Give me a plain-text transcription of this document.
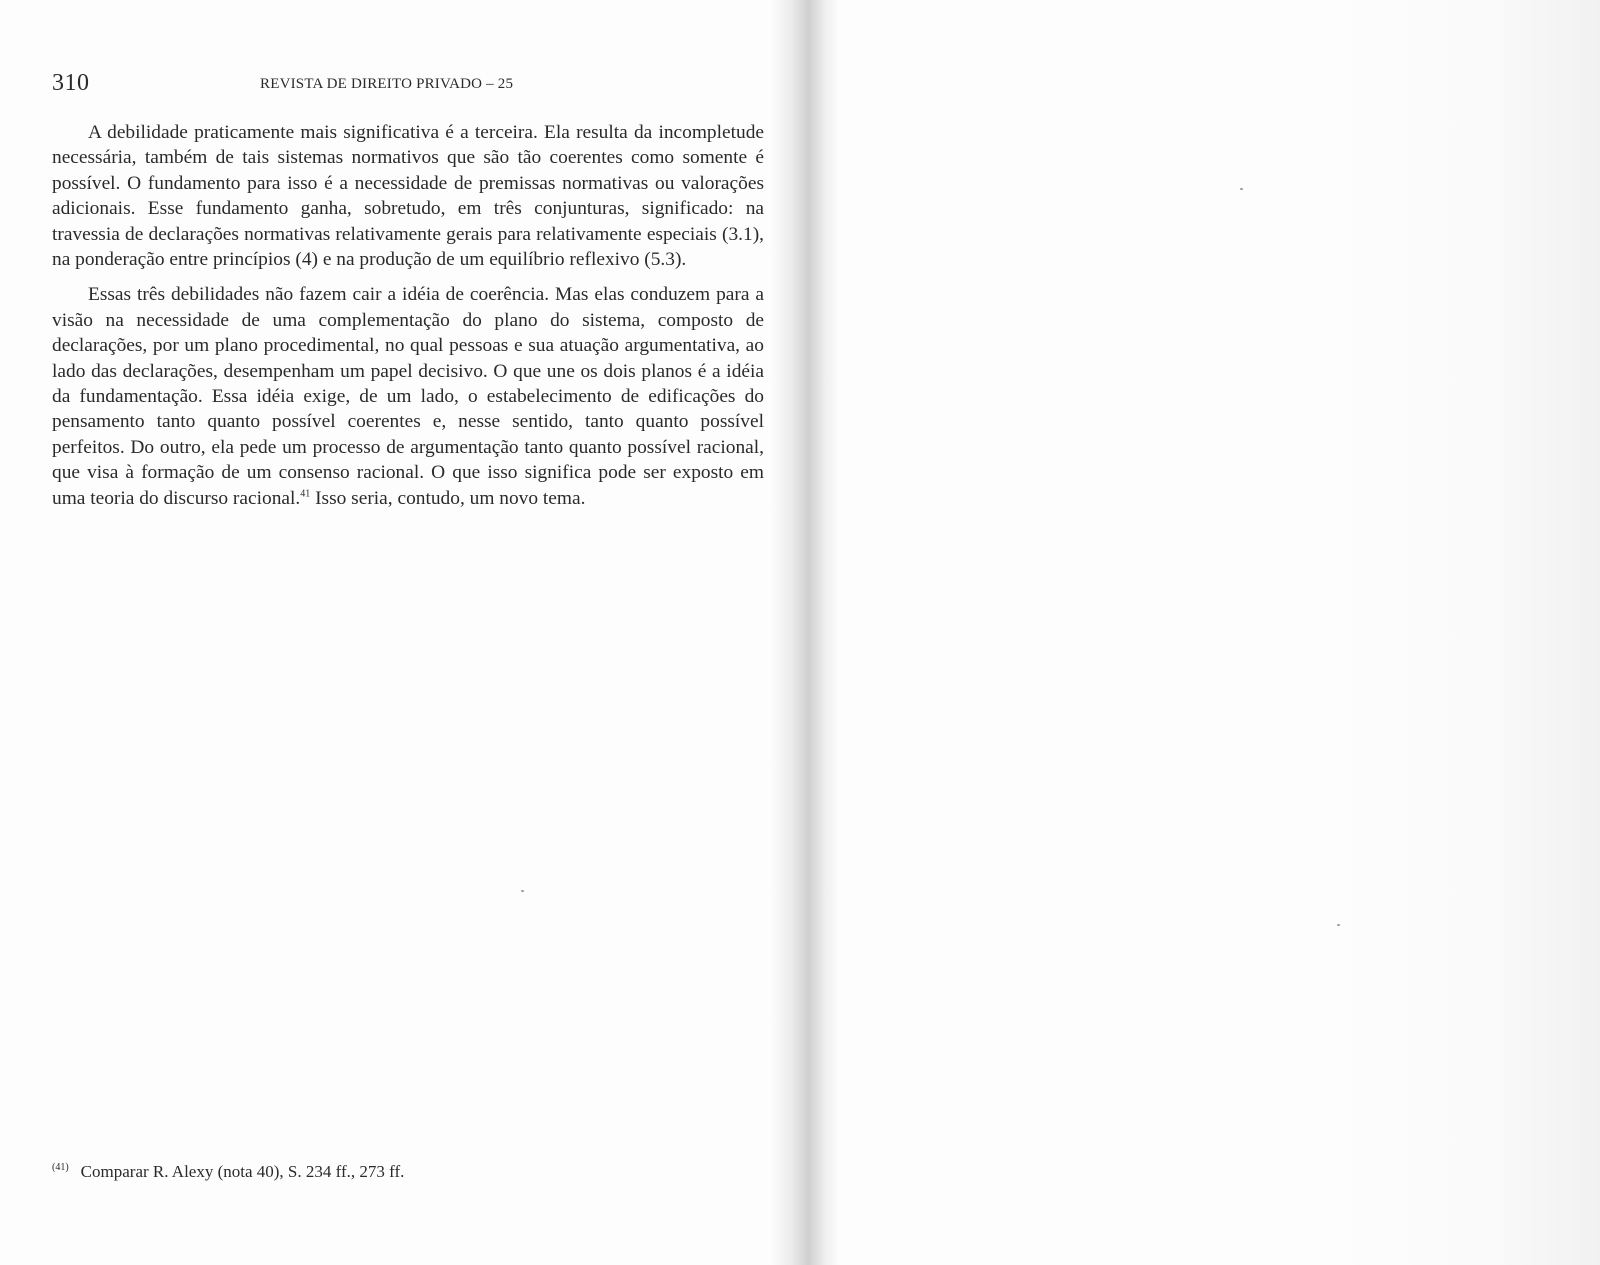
310	REVISTA DE DIREITO PRIVADO – 25

A debilidade praticamente mais significativa é a terceira. Ela resulta da incompletude necessária, também de tais sistemas normativos que são tão coerentes como somente é possível. O fundamento para isso é a necessidade de premissas normativas ou valorações adicionais. Esse fundamento ganha, sobretudo, em três conjunturas, significado: na travessia de declarações normativas relativamente gerais para relativamente especiais (3.1), na ponderação entre princípios (4) e na produção de um equilíbrio reflexivo (5.3).

Essas três debilidades não fazem cair a idéia de coerência. Mas elas conduzem para a visão na necessidade de uma complementação do plano do sistema, composto de declarações, por um plano procedimental, no qual pessoas e sua atuação argumentativa, ao lado das declarações, desempenham um papel decisivo. O que une os dois planos é a idéia da fundamentação. Essa idéia exige, de um lado, o estabelecimento de edificações do pensamento tanto quanto possível coerentes e, nesse sentido, tanto quanto possível perfeitos. Do outro, ela pede um processo de argumentação tanto quanto possível racional, que visa à formação de um consenso racional. O que isso significa pode ser exposto em uma teoria do discurso racional.$^{41}$ Isso seria, contudo, um novo tema.

$^{(41)}$ Comparar R. Alexy (nota 40), S. 234 ff., 273 ff.
